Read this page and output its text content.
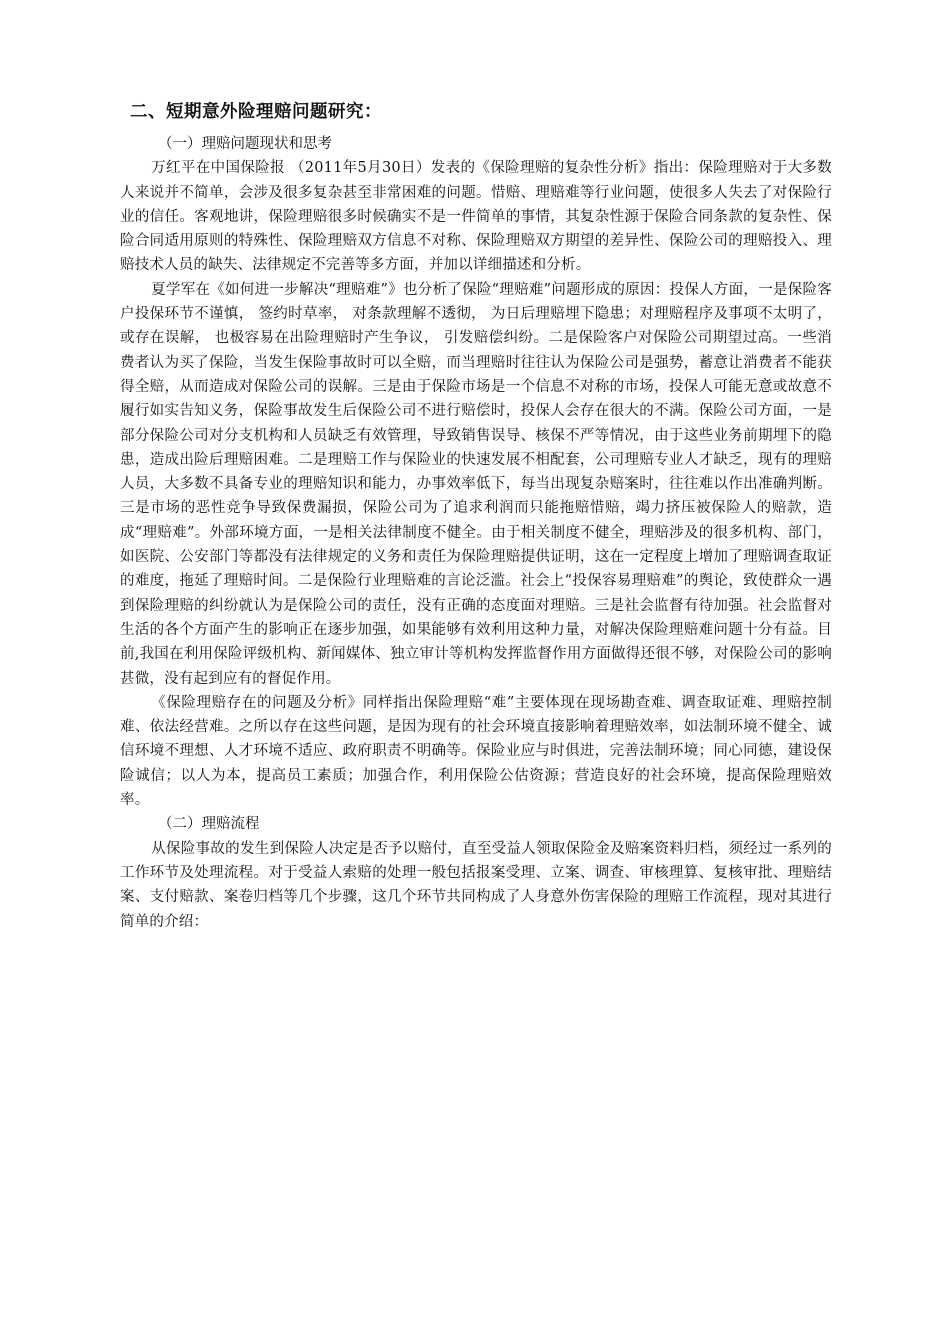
二、短期意外险理赔问题研究：

（一）理赔问题现状和思考

万红平在中国保险报 （2011年5月30日）发表的《保险理赔的复杂性分析》指出：保险理赔对于大多数人来说并不简单，会涉及很多复杂甚至非常困难的问题。惜赔、理赔难等行业问题，使很多人失去了对保险行业的信任。客观地讲，保险理赔很多时候确实不是一件简单的事情，其复杂性源于保险合同条款的复杂性、保险合同适用原则的特殊性、保险理赔双方信息不对称、保险理赔双方期望的差异性、保险公司的理赔投入、理赔技术人员的缺失、法律规定不完善等多方面，并加以详细描述和分析。

夏学军在《如何进一步解决“理赔难”》也分析了保险“理赔难”问题形成的原因：投保人方面，一是保险客户投保环节不谨慎， 签约时草率， 对条款理解不透彻， 为日后理赔埋下隐患；对理赔程序及事项不太明了， 或存在误解， 也极容易在出险理赔时产生争议， 引发赔偿纠纷。二是保险客户对保险公司期望过高。一些消费者认为买了保险，当发生保险事故时可以全赔，而当理赔时往往认为保险公司是强势，蓄意让消费者不能获得全赔，从而造成对保险公司的误解。三是由于保险市场是一个信息不对称的市场，投保人可能无意或故意不履行如实告知义务，保险事故发生后保险公司不进行赔偿时，投保人会存在很大的不满。保险公司方面，一是部分保险公司对分支机构和人员缺乏有效管理，导致销售误导、核保不严等情况，由于这些业务前期埋下的隐患，造成出险后理赔困难。二是理赔工作与保险业的快速发展不相配套，公司理赔专业人才缺乏，现有的理赔人员，大多数不具备专业的理赔知识和能力，办事效率低下，每当出现复杂赔案时，往往难以作出准确判断。三是市场的恶性竞争导致保费漏损，保险公司为了追求利润而只能拖赔惜赔，竭力挤压被保险人的赔款，造成“理赔难”。外部环境方面，一是相关法律制度不健全。由于相关制度不健全，理赔涉及的很多机构、部门，如医院、公安部门等都没有法律规定的义务和责任为保险理赔提供证明，这在一定程度上增加了理赔调查取证的难度，拖延了理赔时间。二是保险行业理赔难的言论泛滥。社会上“投保容易理赔难”的舆论，致使群众一遇到保险理赔的纠纷就认为是保险公司的责任，没有正确的态度面对理赔。三是社会监督有待加强。社会监督对生活的各个方面产生的影响正在逐步加强，如果能够有效利用这种力量，对解决保险理赔难问题十分有益。目前,我国在利用保险评级机构、新闻媒体、独立审计等机构发挥监督作用方面做得还很不够，对保险公司的影响甚微，没有起到应有的督促作用。

《保险理赔存在的问题及分析》同样指出保险理赔“难”主要体现在现场勘查难、调查取证难、理赔控制难、依法经营难。之所以存在这些问题，是因为现有的社会环境直接影响着理赔效率，如法制环境不健全、诚信环境不理想、人才环境不适应、政府职责不明确等。保险业应与时俱进，完善法制环境；同心同德，建设保险诚信；以人为本，提高员工素质；加强合作，利用保险公估资源；营造良好的社会环境，提高保险理赔效率。

（二）理赔流程

从保险事故的发生到保险人决定是否予以赔付，直至受益人领取保险金及赔案资料归档，须经过一系列的工作环节及处理流程。对于受益人索赔的处理一般包括报案受理、立案、调查、审核理算、复核审批、理赔结案、支付赔款、案卷归档等几个步骤，这几个环节共同构成了人身意外伤害保险的理赔工作流程，现对其进行简单的介绍：
